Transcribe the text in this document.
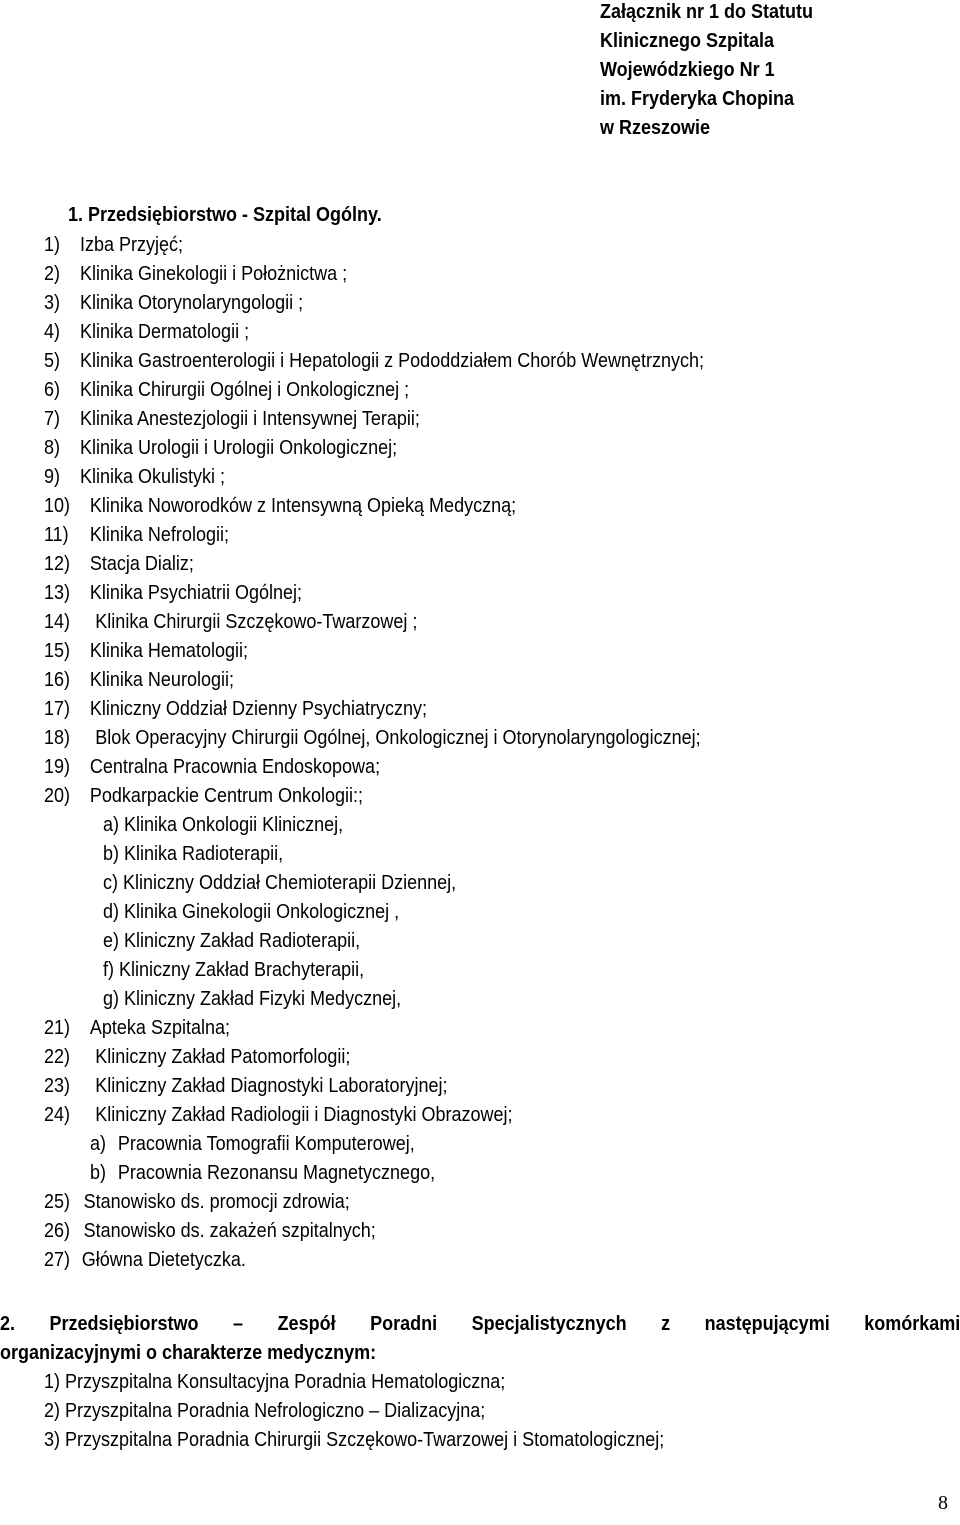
Załącznik nr 1 do Statutu
Klinicznego Szpitala
Wojewódzkiego Nr 1
im. Fryderyka Chopina
w Rzeszowie
1. Przedsiębiorstwo - Szpital Ogólny.
1) Izba Przyjęć;
2) Klinika Ginekologii i Położnictwa ;
3) Klinika Otorynolaryngologii ;
4) Klinika Dermatologii ;
5) Klinika Gastroenterologii i Hepatologii z Pododdziałem Chorób Wewnętrznych;
6) Klinika Chirurgii Ogólnej i Onkologicznej ;
7) Klinika Anestezjologii i Intensywnej Terapii;
8) Klinika Urologii i Urologii Onkologicznej;
9) Klinika Okulistyki ;
10) Klinika Noworodków z Intensywną Opieką Medyczną;
11) Klinika Nefrologii;
12) Stacja Dializ;
13) Klinika Psychiatrii Ogólnej;
14) Klinika Chirurgii Szczękowo-Twarzowej ;
15) Klinika Hematologii;
16) Klinika Neurologii;
17) Kliniczny Oddział Dzienny Psychiatryczny;
18) Blok Operacyjny Chirurgii Ogólnej, Onkologicznej i Otorynolaryngologicznej;
19) Centralna Pracownia Endoskopowa;
20) Podkarpackie Centrum Onkologii:;
a) Klinika Onkologii Klinicznej,
b) Klinika Radioterapii,
c) Kliniczny Oddział Chemioterapii Dziennej,
d) Klinika Ginekologii Onkologicznej ,
e) Kliniczny Zakład Radioterapii,
f) Kliniczny Zakład Brachyterapii,
g) Kliniczny Zakład Fizyki Medycznej,
21) Apteka Szpitalna;
22) Kliniczny Zakład Patomorfologii;
23) Kliniczny Zakład Diagnostyki Laboratoryjnej;
24) Kliniczny Zakład Radiologii i Diagnostyki Obrazowej;
a) Pracownia Tomografii Komputerowej,
b) Pracownia Rezonansu Magnetycznego,
25) Stanowisko ds. promocji zdrowia;
26) Stanowisko ds. zakażeń szpitalnych;
27) Główna Dietetyczka.
2. Przedsiębiorstwo – Zespół Poradni Specjalistycznych z następującymi komórkami
organizacyjnymi o charakterze medycznym:
1) Przyszpitalna Konsultacyjna Poradnia Hematologiczna;
2) Przyszpitalna Poradnia Nefrologiczno – Dializacyjna;
3) Przyszpitalna Poradnia Chirurgii Szczękowo-Twarzowej i Stomatologicznej;
8
